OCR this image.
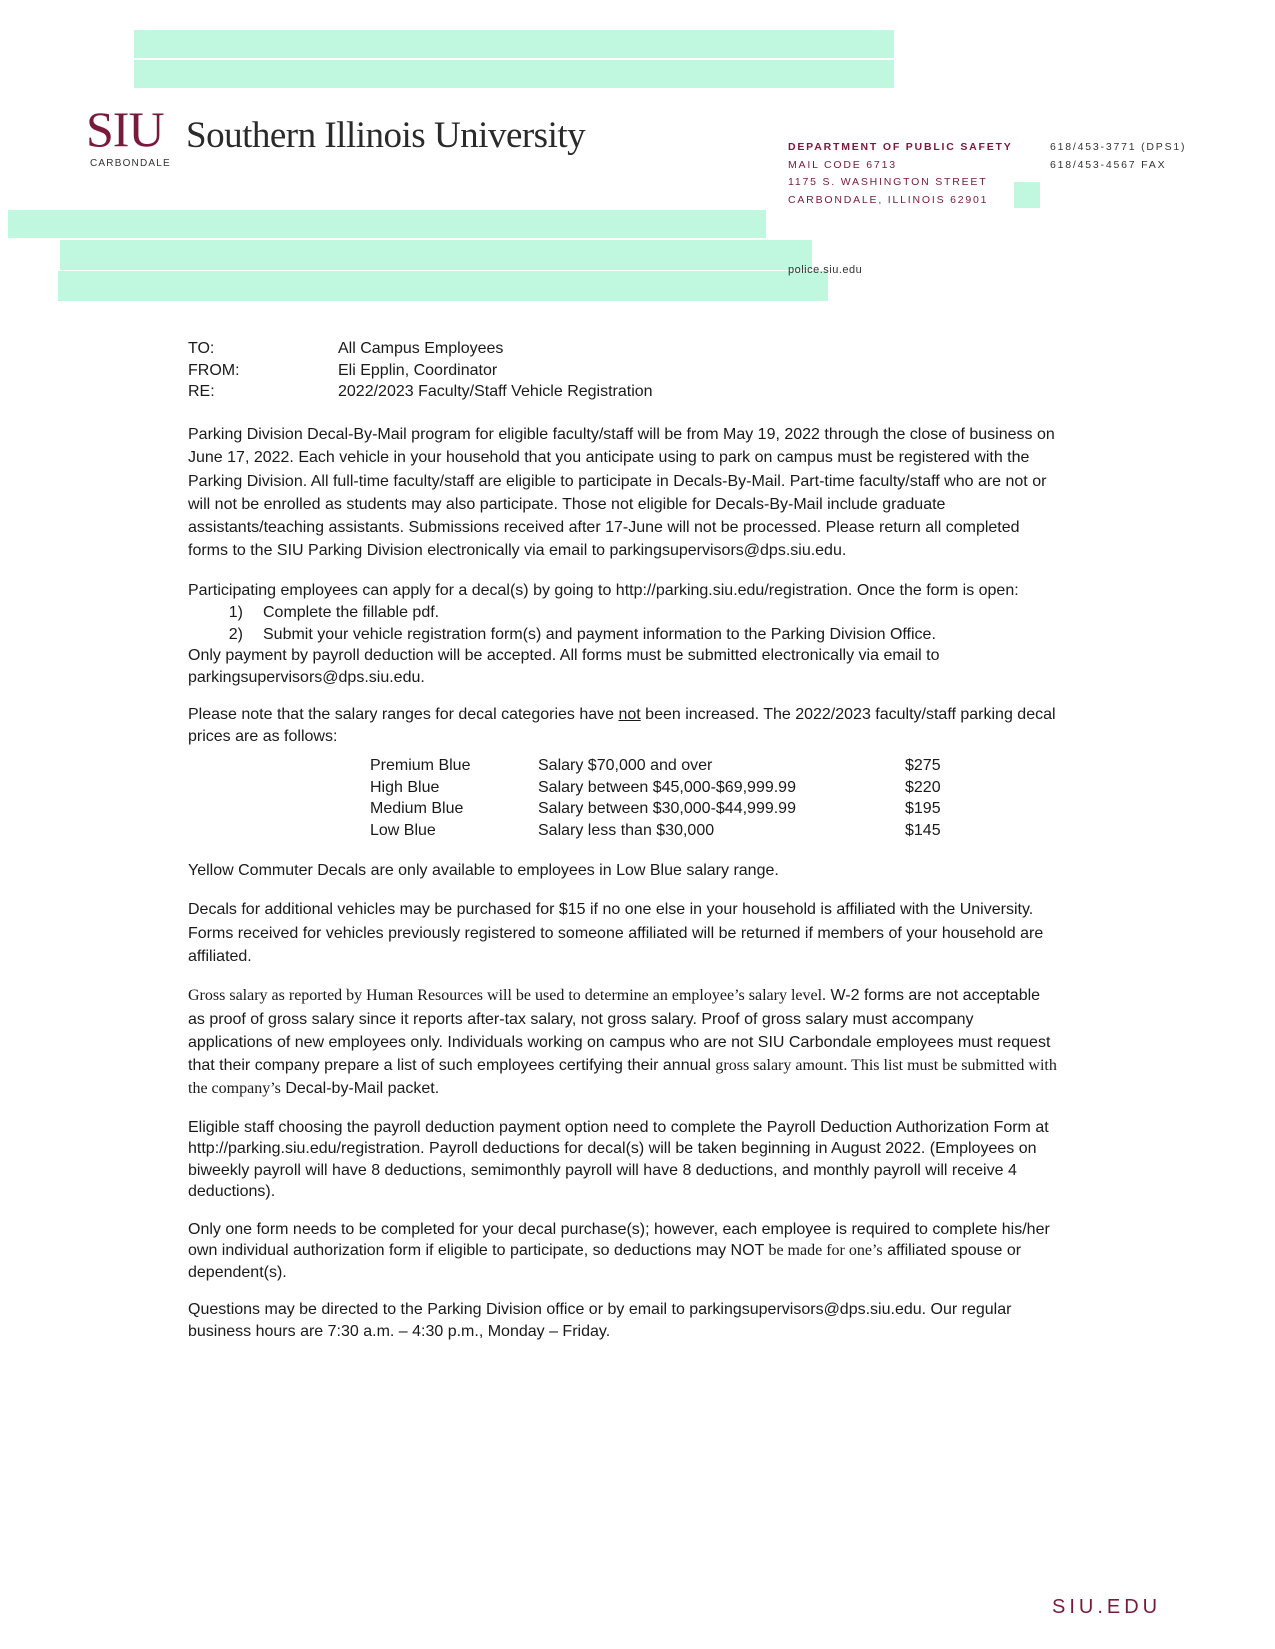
SIU Southern Illinois University
CARBONDALE
DEPARTMENT OF PUBLIC SAFETY
MAIL CODE 6713
1175 S. WASHINGTON STREET
CARBONDALE, ILLINOIS 62901
618/453-3771 (DPS1)
618/453-4567 FAX
police.siu.edu
TO:	All Campus Employees
FROM:	Eli Epplin, Coordinator
RE:	2022/2023 Faculty/Staff Vehicle Registration

Parking Division Decal-By-Mail program for eligible faculty/staff will be from May 19, 2022 through the close of business on June 17, 2022. Each vehicle in your household that you anticipate using to park on campus must be registered with the Parking Division. All full-time faculty/staff are eligible to participate in Decals-By-Mail. Part-time faculty/staff who are not or will not be enrolled as students may also participate. Those not eligible for Decals-By-Mail include graduate assistants/teaching assistants. Submissions received after 17-June will not be processed. Please return all completed forms to the SIU Parking Division electronically via email to parkingsupervisors@dps.siu.edu.

Participating employees can apply for a decal(s) by going to http://parking.siu.edu/registration. Once the form is open:

1)	Complete the fillable pdf.
2)	Submit your vehicle registration form(s) and payment information to the Parking Division Office.

Only payment by payroll deduction will be accepted. All forms must be submitted electronically via email to parkingsupervisors@dps.siu.edu.

Please note that the salary ranges for decal categories have not been increased. The 2022/2023 faculty/staff parking decal prices are as follows:

Premium Blue	Salary $70,000 and over	$275
High Blue	Salary between $45,000-$69,999.99	$220
Medium Blue	Salary between $30,000-$44,999.99	$195
Low Blue	Salary less than $30,000	$145

Yellow Commuter Decals are only available to employees in Low Blue salary range.

Decals for additional vehicles may be purchased for $15 if no one else in your household is affiliated with the University. Forms received for vehicles previously registered to someone affiliated will be returned if members of your household are affiliated.

Gross salary as reported by Human Resources will be used to determine an employee’s salary level. W-2 forms are not acceptable as proof of gross salary since it reports after-tax salary, not gross salary. Proof of gross salary must accompany applications of new employees only. Individuals working on campus who are not SIU Carbondale employees must request that their company prepare a list of such employees certifying their annual gross salary amount. This list must be submitted with the company’s Decal-by-Mail packet.

Eligible staff choosing the payroll deduction payment option need to complete the Payroll Deduction Authorization Form at http://parking.siu.edu/registration. Payroll deductions for decal(s) will be taken beginning in August 2022. (Employees on biweekly payroll will have 8 deductions, semimonthly payroll will have 8 deductions, and monthly payroll will receive 4 deductions).

Only one form needs to be completed for your decal purchase(s); however, each employee is required to complete his/her own individual authorization form if eligible to participate, so deductions may NOT be made for one’s affiliated spouse or dependent(s).

Questions may be directed to the Parking Division office or by email to parkingsupervisors@dps.siu.edu. Our regular business hours are 7:30 a.m. – 4:30 p.m., Monday – Friday.

SIU.EDU
